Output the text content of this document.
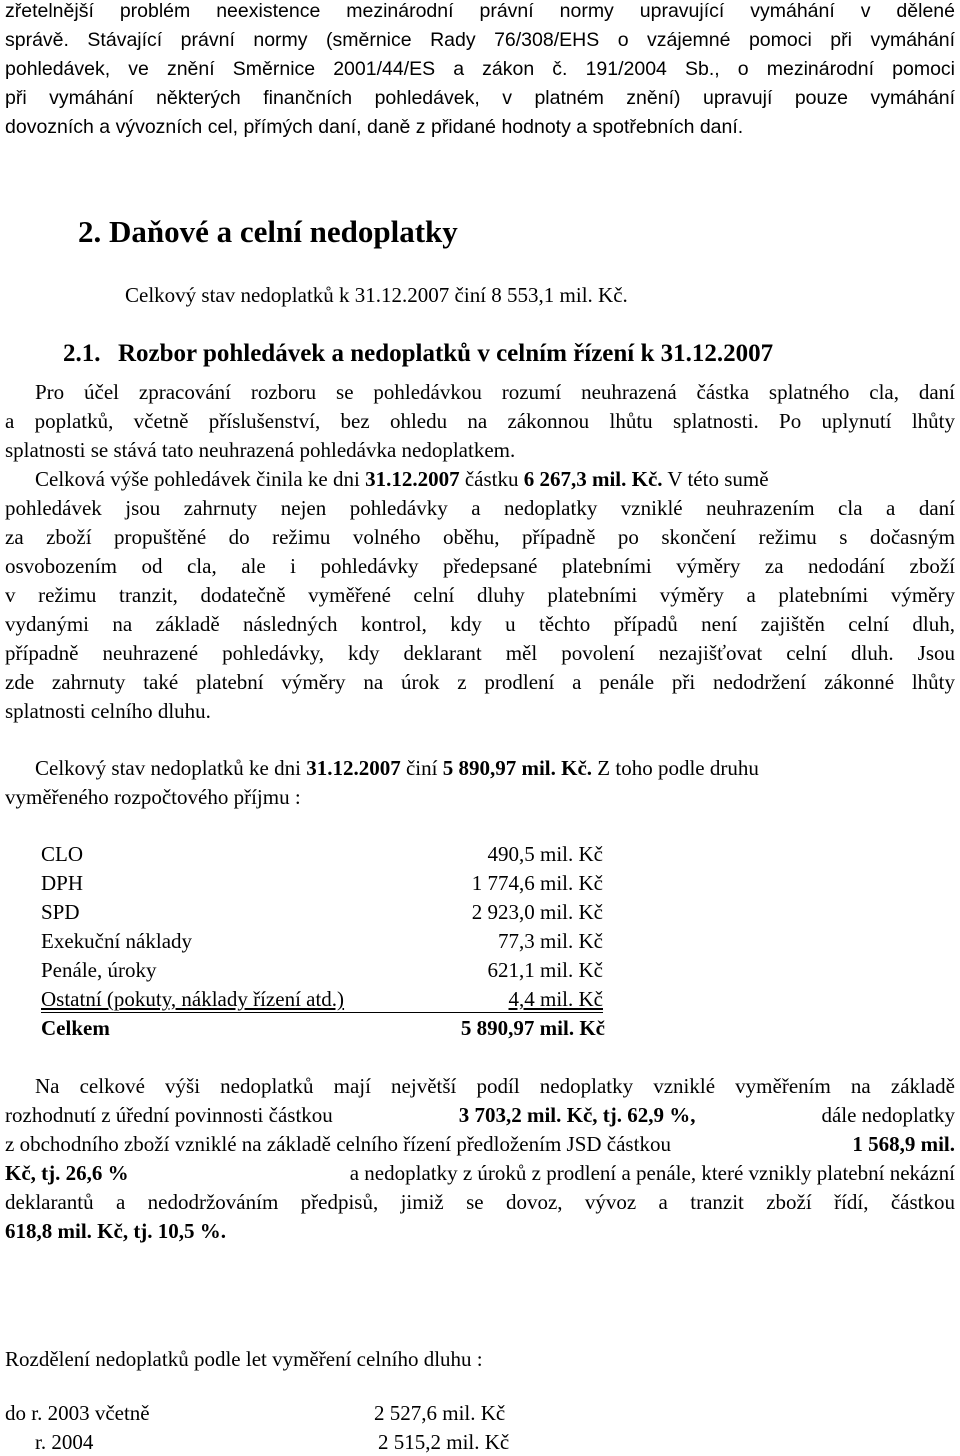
zřetelnější problém neexistence mezinárodní právní normy upravující vymáhání v dělené
správě. Stávající právní normy (směrnice Rady 76/308/EHS o vzájemné pomoci při vymáhání
pohledávek, ve znění Směrnice 2001/44/ES a zákon č. 191/2004 Sb., o mezinárodní pomoci
při vymáhání některých finančních pohledávek, v platném znění) upravují pouze vymáhání
dovozních a vývozních cel, přímých daní, daně z přidané hodnoty a spotřebních daní.
2. Daňové a celní nedoplatky
Celkový stav nedoplatků k 31.12.2007 činí 8 553,1 mil. Kč.
2.1. Rozbor pohledávek a nedoplatků v celním řízení k 31.12.2007
Pro účel zpracování rozboru se pohledávkou rozumí neuhrazená částka splatného cla, daní
a poplatků, včetně příslušenství, bez ohledu na zákonnou lhůtu splatnosti. Po uplynutí lhůty
splatnosti se stává tato neuhrazená pohledávka nedoplatkem.
Celková výše pohledávek činila ke dni 31.12.2007 částku 6 267,3 mil. Kč. V této sumě
pohledávek jsou zahrnuty nejen pohledávky a nedoplatky vzniklé neuhrazením cla a daní
za zboží propuštěné do režimu volného oběhu, případně po skončení režimu s dočasným
osvobozením od cla, ale i pohledávky předepsané platebními výměry za nedodání zboží
v režimu tranzit, dodatečně vyměřené celní dluhy platebními výměry a platebními výměry
vydanými na základě následných kontrol, kdy u těchto případů není zajištěn celní dluh,
případně neuhrazené pohledávky, kdy deklarant měl povolení nezajišťovat celní dluh. Jsou
zde zahrnuty také platební výměry na úrok z prodlení a penále při nedodržení zákonné lhůty
splatnosti celního dluhu.
Celkový stav nedoplatků ke dni 31.12.2007 činí 5 890,97 mil. Kč. Z toho podle druhu
vyměřeného rozpočtového příjmu :
CLO	490,5 mil. Kč
DPH	1 774,6 mil. Kč
SPD	2 923,0 mil. Kč
Exekuční náklady	77,3 mil. Kč
Penále, úroky	621,1 mil. Kč
Ostatní (pokuty, náklady řízení atd.)	4,4 mil. Kč
Celkem	5 890,97 mil. Kč
Na celkové výši nedoplatků mají největší podíl nedoplatky vzniklé vyměřením na základě
rozhodnutí z úřední povinnosti částkou	3 703,2 mil. Kč, tj. 62,9 %,	dále nedoplatky
z obchodního zboží vzniklé na základě celního řízení předložením JSD částkou	1 568,9 mil.
Kč, tj. 26,6 %	a nedoplatky z úroků z prodlení a penále, které vznikly platební nekázní
deklarantů a nedodržováním předpisů, jimiž se dovoz, vývoz a tranzit zboží řídí, částkou
618,8 mil. Kč, tj. 10,5 %.
Rozdělení nedoplatků podle let vyměření celního dluhu :
do r. 2003 včetně	2 527,6 mil. Kč
r. 2004	2 515,2 mil. Kč
